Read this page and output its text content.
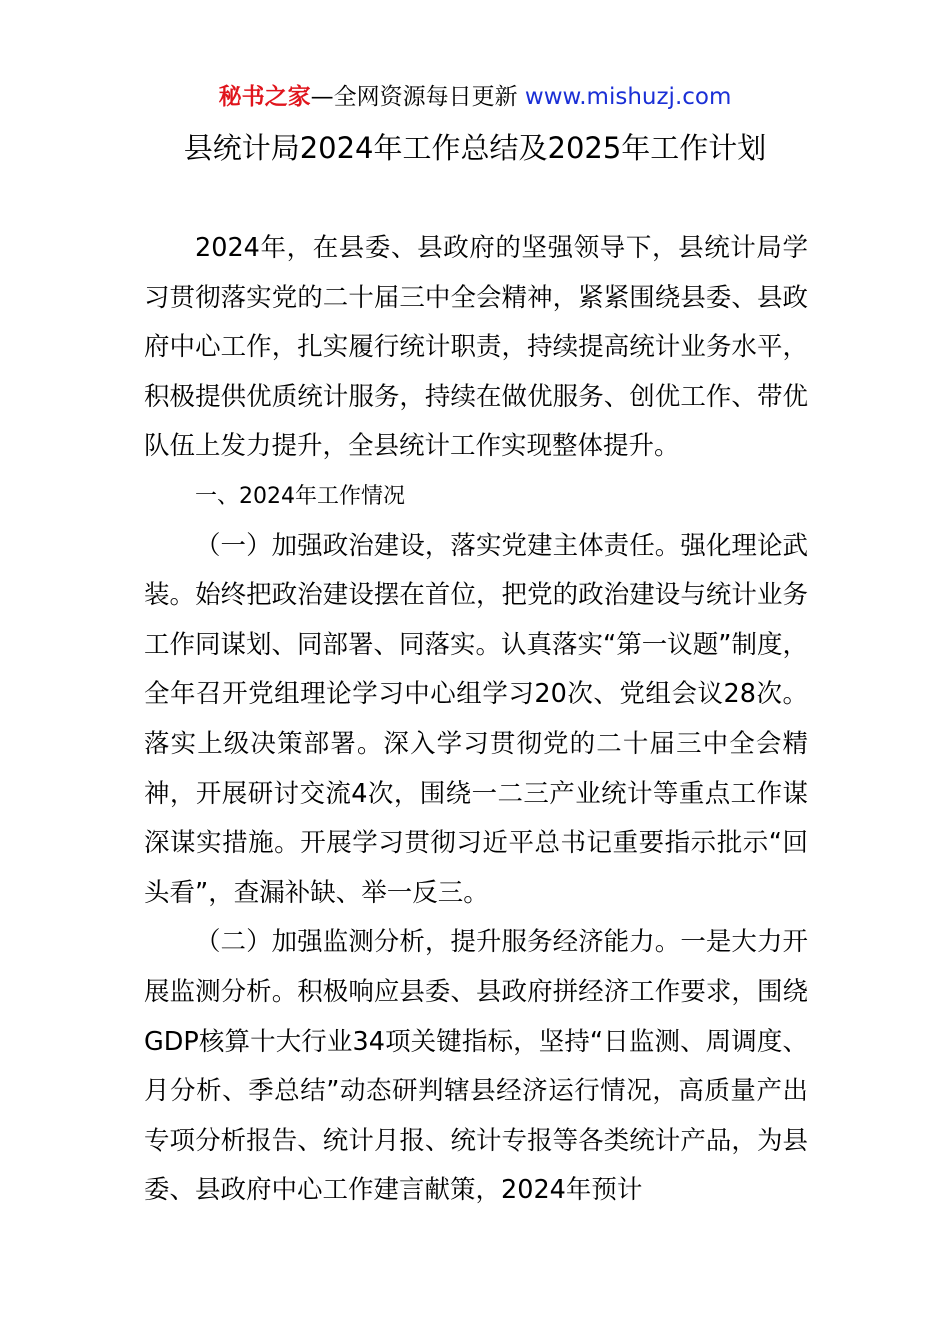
秘书之家—全网资源每日更新 www.mishuzj.com
县统计局2024年工作总结及2025年工作计划

2024年，在县委、县政府的坚强领导下，县统计局学习贯彻落实党的二十届三中全会精神，紧紧围绕县委、县政府中心工作，扎实履行统计职责，持续提高统计业务水平，积极提供优质统计服务，持续在做优服务、创优工作、带优队伍上发力提升，全县统计工作实现整体提升。

一、2024年工作情况

（一）加强政治建设，落实党建主体责任。强化理论武装。始终把政治建设摆在首位，把党的政治建设与统计业务工作同谋划、同部署、同落实。认真落实“第一议题”制度，全年召开党组理论学习中心组学习20次、党组会议28次。落实上级决策部署。深入学习贯彻党的二十届三中全会精神，开展研讨交流4次，围绕一二三产业统计等重点工作谋深谋实措施。开展学习贯彻习近平总书记重要指示批示“回头看”，查漏补缺、举一反三。

（二）加强监测分析，提升服务经济能力。一是大力开展监测分析。积极响应县委、县政府拼经济工作要求，围绕GDP核算十大行业34项关键指标，坚持“日监测、周调度、月分析、季总结”动态研判辖县经济运行情况，高质量产出专项分析报告、统计月报、统计专报等各类统计产品，为县委、县政府中心工作建言献策，2024年预计
